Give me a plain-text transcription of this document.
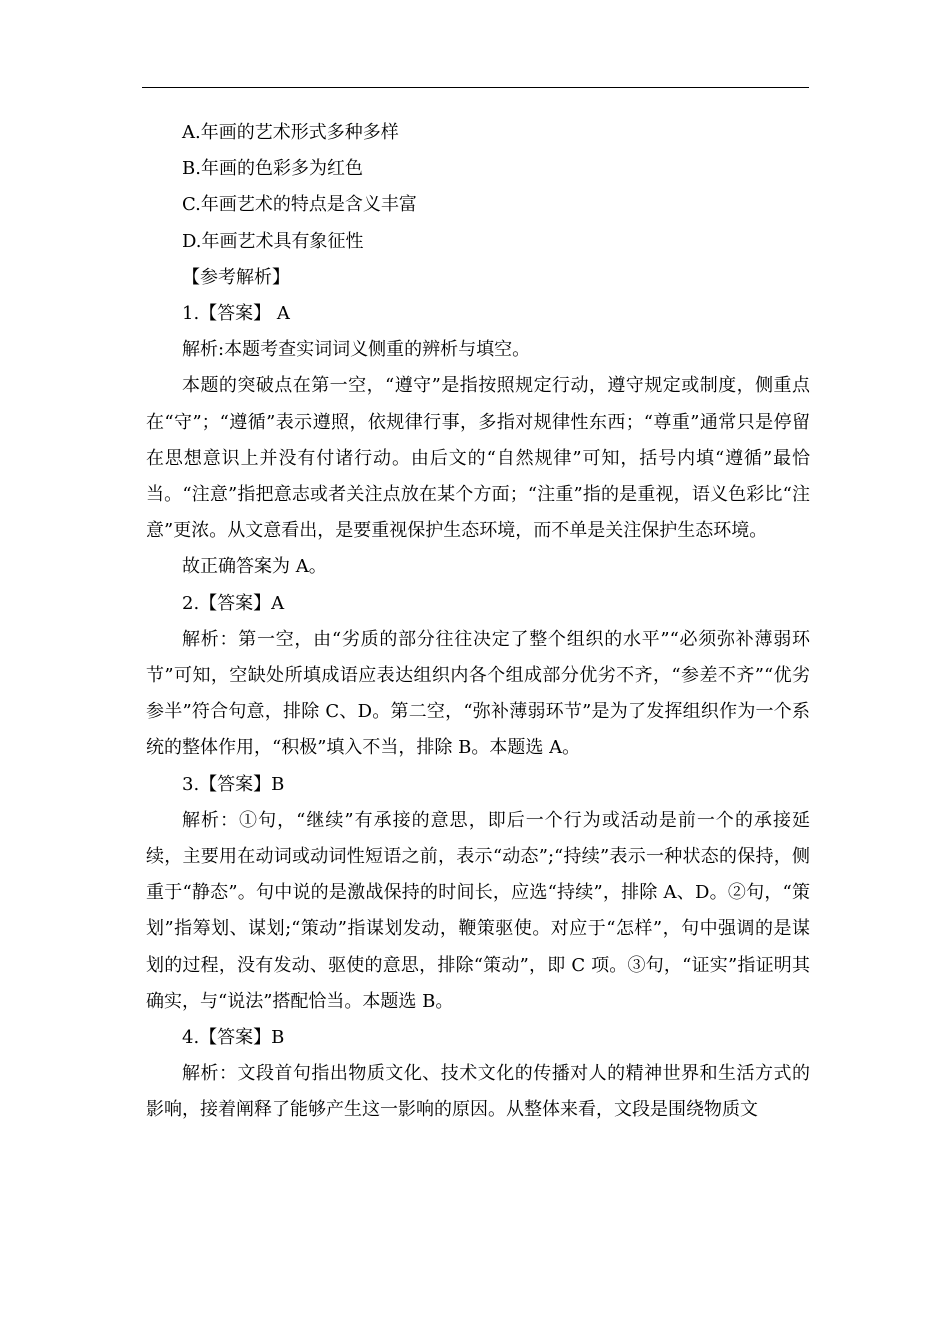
A.年画的艺术形式多种多样

B.年画的色彩多为红色

C.年画艺术的特点是含义丰富

D.年画艺术具有象征性

【参考解析】

1.【答案】 A

解析:本题考查实词词义侧重的辨析与填空。

本题的突破点在第一空，“遵守”是指按照规定行动，遵守规定或制度，侧重点在“守”；“遵循”表示遵照，依规律行事，多指对规律性东西；“尊重”通常只是停留在思想意识上并没有付诸行动。由后文的“自然规律”可知，括号内填“遵循”最恰当。“注意”指把意志或者关注点放在某个方面；“注重”指的是重视，语义色彩比“注意”更浓。从文意看出，是要重视保护生态环境，而不单是关注保护生态环境。

故正确答案为 A。

2.【答案】A

解析：第一空，由“劣质的部分往往决定了整个组织的水平”“必须弥补薄弱环节”可知，空缺处所填成语应表达组织内各个组成部分优劣不齐，“参差不齐”“优劣参半”符合句意，排除 C、D。第二空，“弥补薄弱环节”是为了发挥组织作为一个系统的整体作用，“积极”填入不当，排除 B。本题选 A。

3.【答案】B

解析：①句，“继续”有承接的意思，即后一个行为或活动是前一个的承接延续，主要用在动词或动词性短语之前，表示“动态”;“持续”表示一种状态的保持，侧重于“静态”。句中说的是激战保持的时间长，应选“持续”，排除 A、D。②句，“策划”指筹划、谋划;“策动”指谋划发动，鞭策驱使。对应于“怎样”，句中强调的是谋划的过程，没有发动、驱使的意思，排除“策动”，即 C 项。③句，“证实”指证明其确实，与“说法”搭配恰当。本题选 B。

4.【答案】B

解析：文段首句指出物质文化、技术文化的传播对人的精神世界和生活方式的影响，接着阐释了能够产生这一影响的原因。从整体来看，文段是围绕物质文
